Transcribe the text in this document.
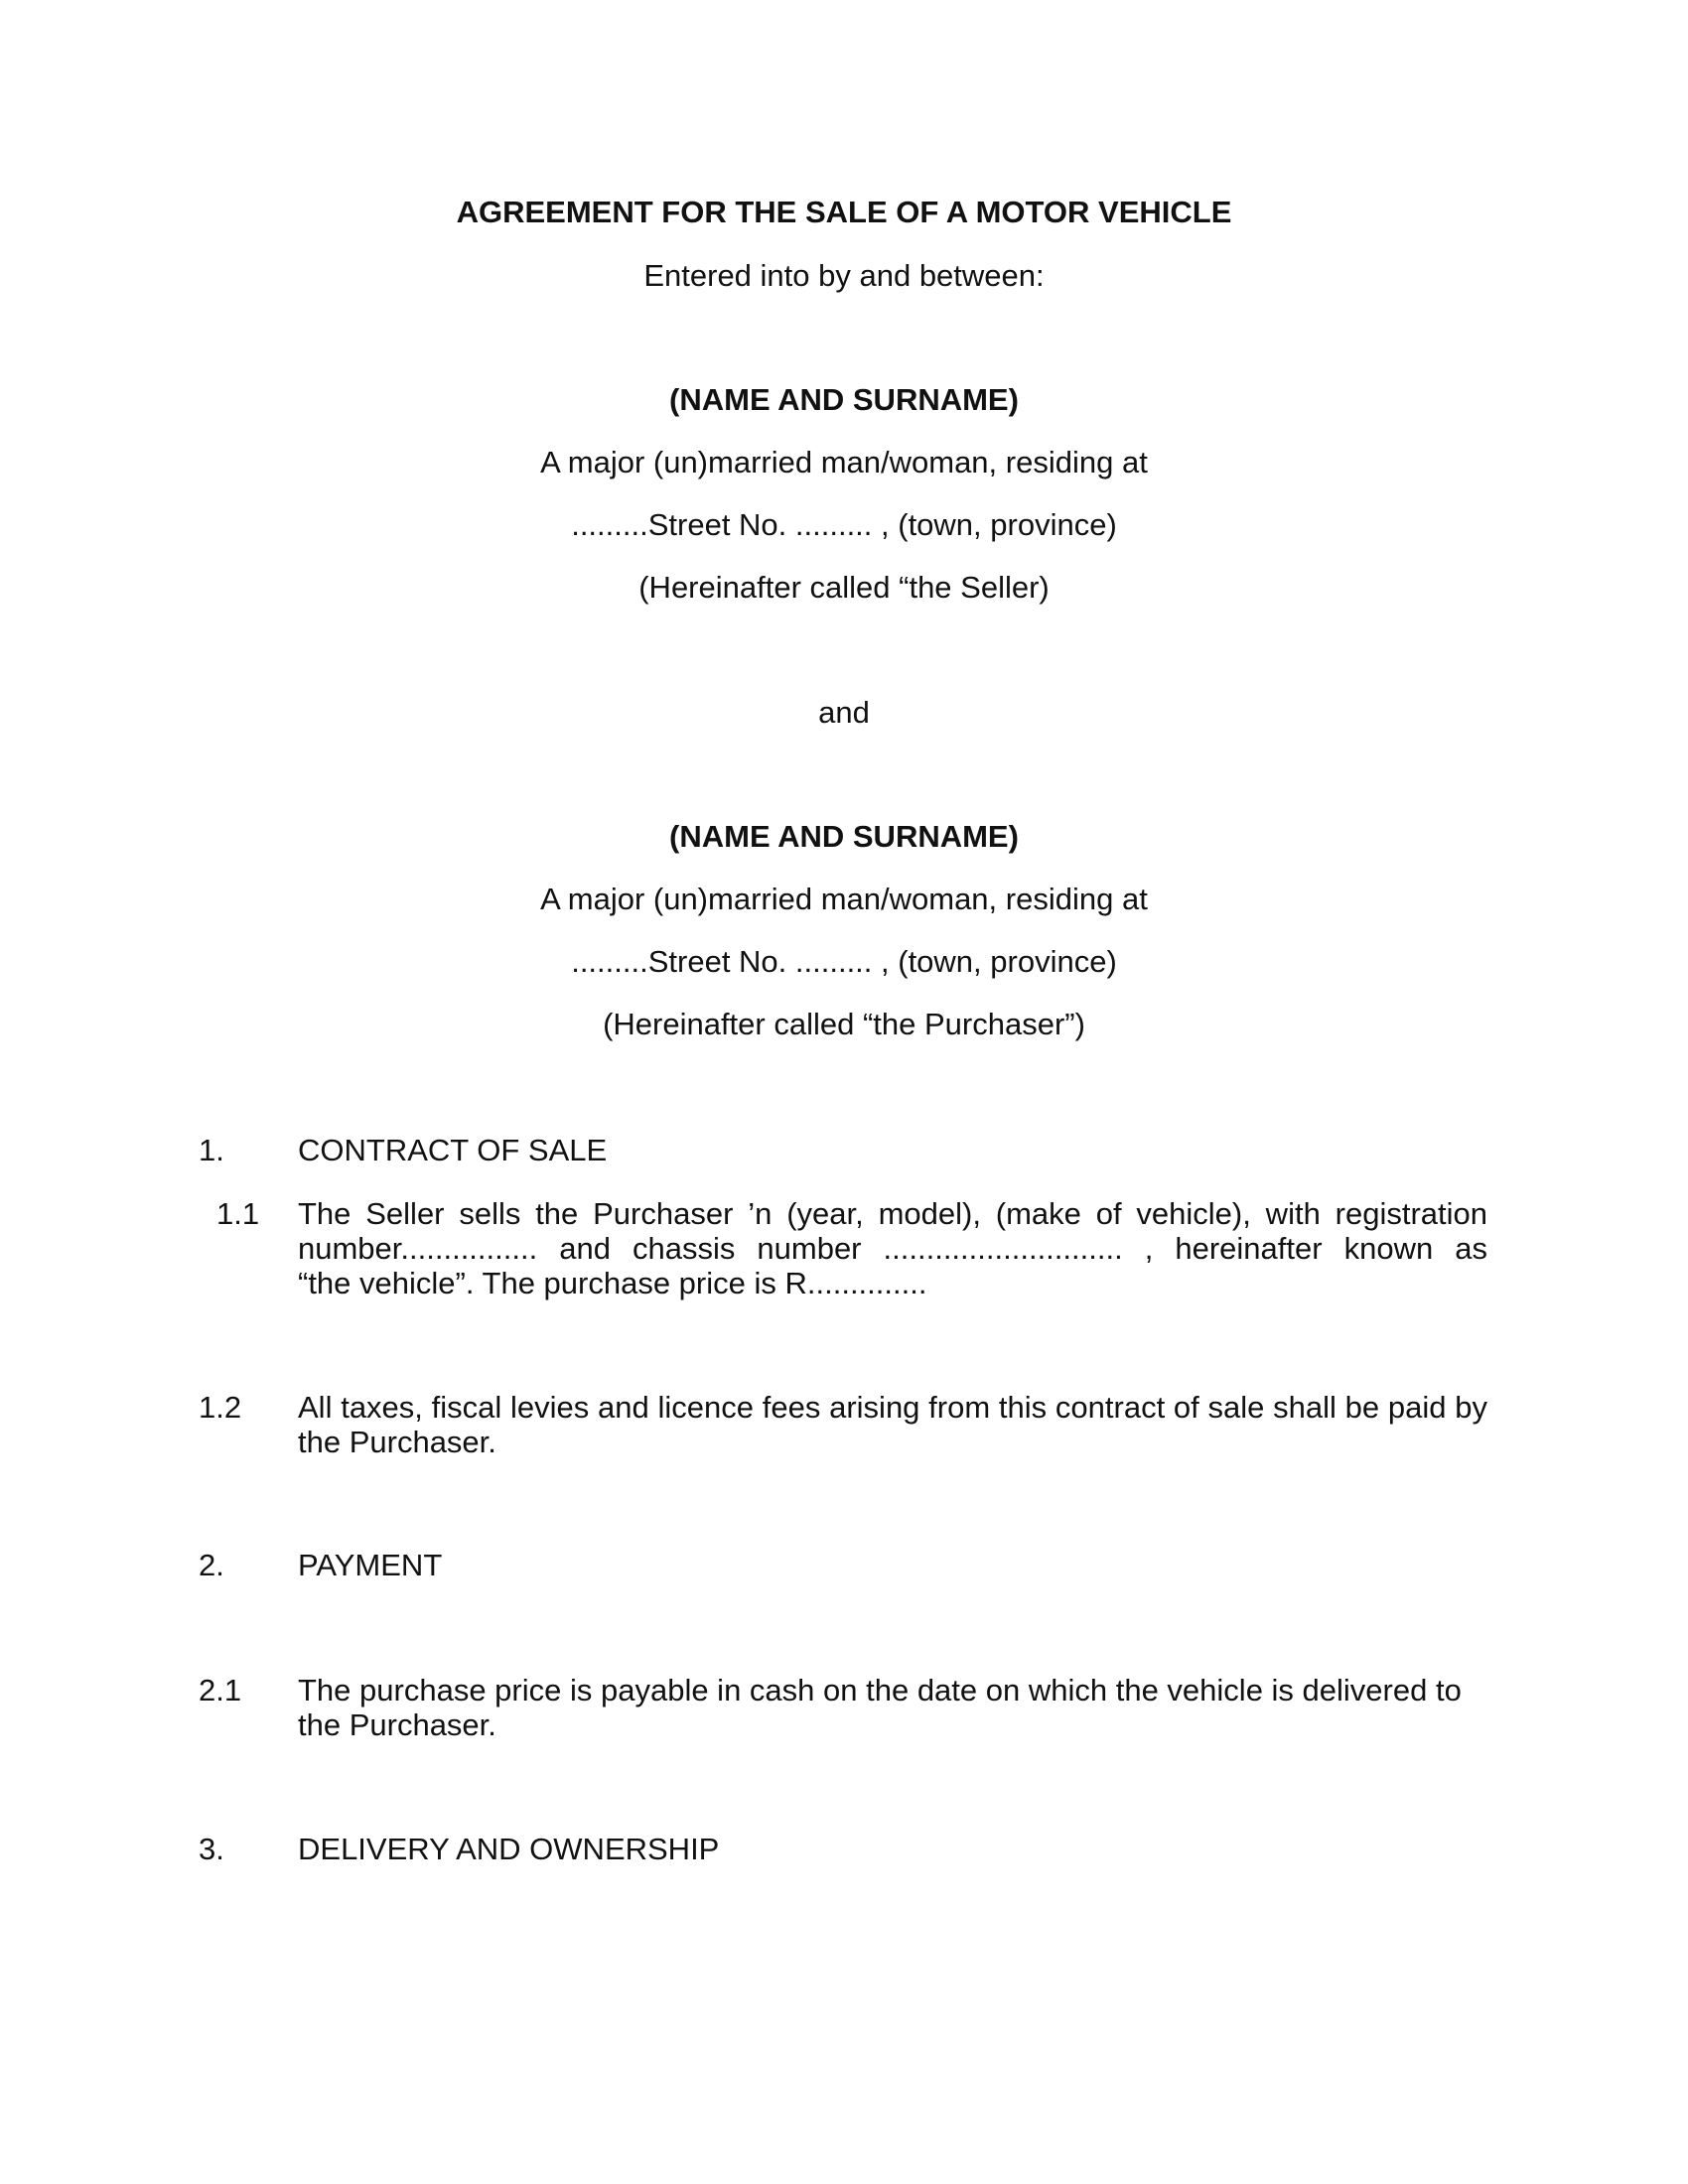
AGREEMENT FOR THE SALE OF A MOTOR VEHICLE
Entered into by and between:
(NAME AND SURNAME)
A major (un)married man/woman, residing at
.........Street No. ......... , (town, province)
(Hereinafter called “the Seller)
and
(NAME AND SURNAME)
A major (un)married man/woman, residing at
.........Street No. ......... , (town, province)
(Hereinafter called “the Purchaser”)
1. CONTRACT OF SALE
1.1 The Seller sells the Purchaser ’n (year, model), (make of vehicle), with registration
number................ and chassis number ............................ , hereinafter known as
“the vehicle”. The purchase price is R..............
1.2 All taxes, fiscal levies and licence fees arising from this contract of sale shall be paid by
the Purchaser.
2. PAYMENT
2.1 The purchase price is payable in cash on the date on which the vehicle is delivered to
the Purchaser.
3. DELIVERY AND OWNERSHIP
